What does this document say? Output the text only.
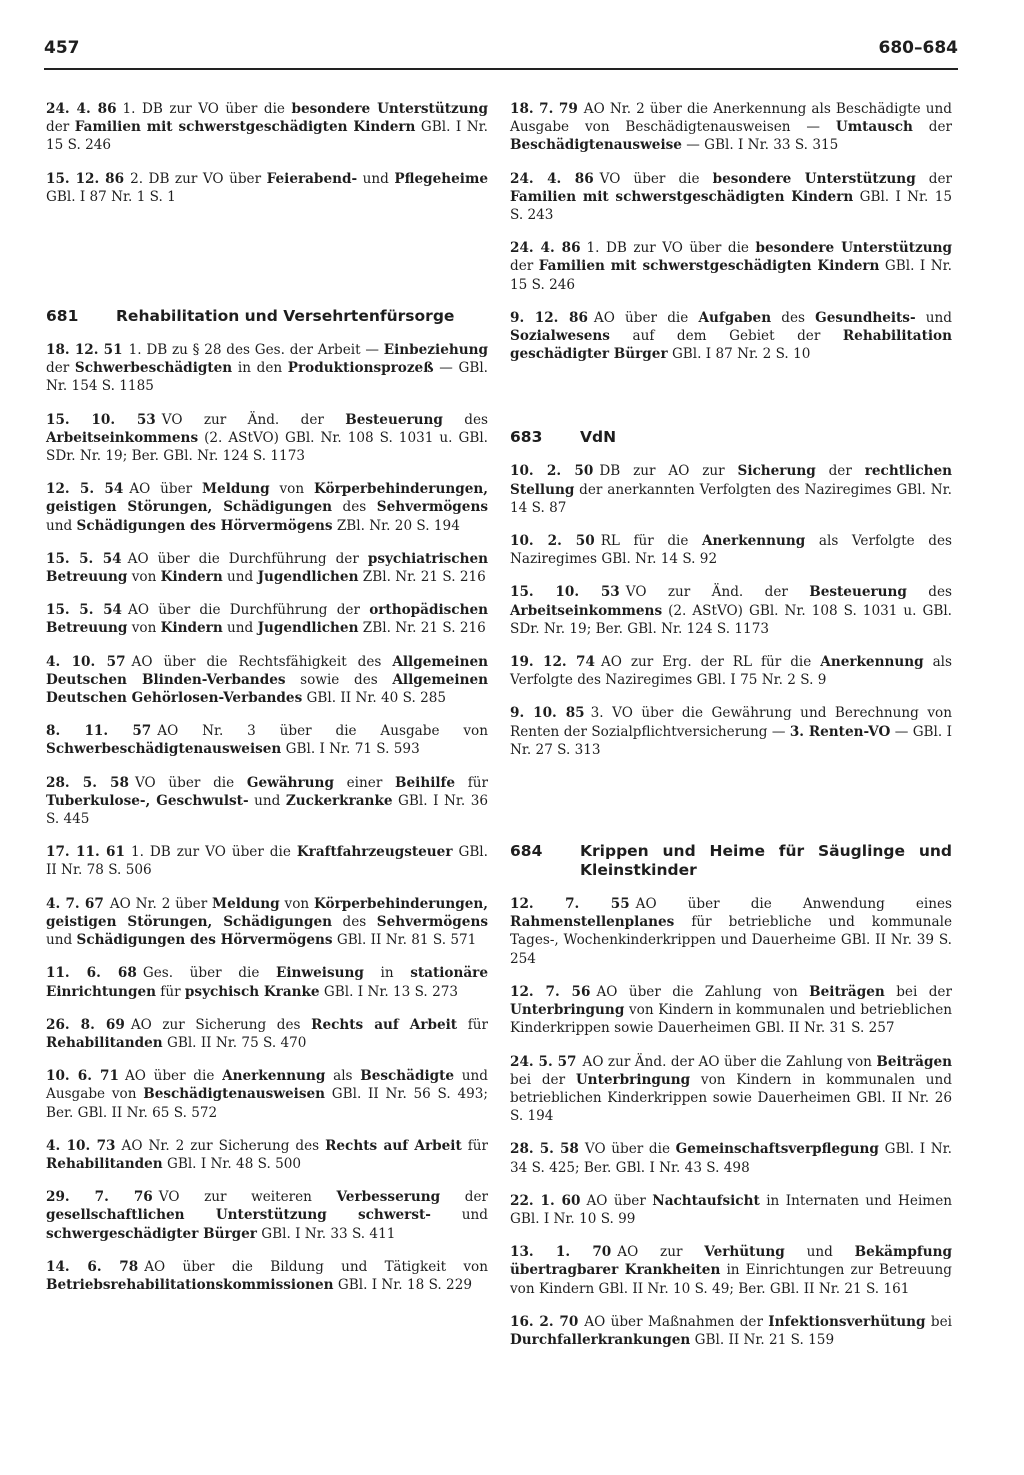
457	680–684
24. 4. 86 1. DB zur VO über die besondere Unterstützung der Familien mit schwerstgeschädigten Kindern GBl. I Nr. 15 S. 246
15. 12. 86 2. DB zur VO über Feierabend- und Pflegeheime GBl. I 87 Nr. 1 S. 1
681	Rehabilitation und Versehrtenfürsorge
18. 12. 51 1. DB zu § 28 des Ges. der Arbeit — Einbeziehung der Schwerbeschädigten in den Produktionsprozeß — GBl. Nr. 154 S. 1185
15. 10. 53 VO zur Änd. der Besteuerung des Arbeitseinkommens (2. AStVO) GBl. Nr. 108 S. 1031 u. GBl. SDr. Nr. 19; Ber. GBl. Nr. 124 S. 1173
12. 5. 54 AO über Meldung von Körperbehinderungen, geistigen Störungen, Schädigungen des Sehvermögens und Schädigungen des Hörvermögens ZBl. Nr. 20 S. 194
15. 5. 54 AO über die Durchführung der psychiatrischen Betreuung von Kindern und Jugendlichen ZBl. Nr. 21 S. 216
15. 5. 54 AO über die Durchführung der orthopädischen Betreuung von Kindern und Jugendlichen ZBl. Nr. 21 S. 216
4. 10. 57 AO über die Rechtsfähigkeit des Allgemeinen Deutschen Blinden-Verbandes sowie des Allgemeinen Deutschen Gehörlosen-Verbandes GBl. II Nr. 40 S. 285
8. 11. 57 AO Nr. 3 über die Ausgabe von Schwerbeschädigtenausweisen GBl. I Nr. 71 S. 593
28. 5. 58 VO über die Gewährung einer Beihilfe für Tuberkulose-, Geschwulst- und Zuckerkranke GBl. I Nr. 36 S. 445
17. 11. 61 1. DB zur VO über die Kraftfahrzeugsteuer GBl. II Nr. 78 S. 506
4. 7. 67 AO Nr. 2 über Meldung von Körperbehinderungen, geistigen Störungen, Schädigungen des Sehvermögens und Schädigungen des Hörvermögens GBl. II Nr. 81 S. 571
11. 6. 68 Ges. über die Einweisung in stationäre Einrichtungen für psychisch Kranke GBl. I Nr. 13 S. 273
26. 8. 69 AO zur Sicherung des Rechts auf Arbeit für Rehabilitanden GBl. II Nr. 75 S. 470
10. 6. 71 AO über die Anerkennung als Beschädigte und Ausgabe von Beschädigtenausweisen GBl. II Nr. 56 S. 493; Ber. GBl. II Nr. 65 S. 572
4. 10. 73 AO Nr. 2 zur Sicherung des Rechts auf Arbeit für Rehabilitanden GBl. I Nr. 48 S. 500
29. 7. 76 VO zur weiteren Verbesserung der gesellschaftlichen Unterstützung schwerst- und schwergeschädigter Bürger GBl. I Nr. 33 S. 411
14. 6. 78 AO über die Bildung und Tätigkeit von Betriebsrehabilitationskommissionen GBl. I Nr. 18 S. 229
18. 7. 79 AO Nr. 2 über die Anerkennung als Beschädigte und Ausgabe von Beschädigtenausweisen — Umtausch der Beschädigtenausweise — GBl. I Nr. 33 S. 315
24. 4. 86 VO über die besondere Unterstützung der Familien mit schwerstgeschädigten Kindern GBl. I Nr. 15 S. 243
24. 4. 86 1. DB zur VO über die besondere Unterstützung der Familien mit schwerstgeschädigten Kindern GBl. I Nr. 15 S. 246
9. 12. 86 AO über die Aufgaben des Gesundheits- und Sozialwesens auf dem Gebiet der Rehabilitation geschädigter Bürger GBl. I 87 Nr. 2 S. 10
683	VdN
10. 2. 50 DB zur AO zur Sicherung der rechtlichen Stellung der anerkannten Verfolgten des Naziregimes GBl. Nr. 14 S. 87
10. 2. 50 RL für die Anerkennung als Verfolgte des Naziregimes GBl. Nr. 14 S. 92
15. 10. 53 VO zur Änd. der Besteuerung des Arbeitseinkommens (2. AStVO) GBl. Nr. 108 S. 1031 u. GBl. SDr. Nr. 19; Ber. GBl. Nr. 124 S. 1173
19. 12. 74 AO zur Erg. der RL für die Anerkennung als Verfolgte des Naziregimes GBl. I 75 Nr. 2 S. 9
9. 10. 85 3. VO über die Gewährung und Berechnung von Renten der Sozialpflichtversicherung — 3. Renten-VO — GBl. I Nr. 27 S. 313
684	Krippen und Heime für Säuglinge und Kleinstkinder
12. 7. 55 AO über die Anwendung eines Rahmenstellenplanes für betriebliche und kommunale Tages-, Wochenkinderkrippen und Dauerheime GBl. II Nr. 39 S. 254
12. 7. 56 AO über die Zahlung von Beiträgen bei der Unterbringung von Kindern in kommunalen und betrieblichen Kinderkrippen sowie Dauerheimen GBl. II Nr. 31 S. 257
24. 5. 57 AO zur Änd. der AO über die Zahlung von Beiträgen bei der Unterbringung von Kindern in kommunalen und betrieblichen Kinderkrippen sowie Dauerheimen GBl. II Nr. 26 S. 194
28. 5. 58 VO über die Gemeinschaftsverpflegung GBl. I Nr. 34 S. 425; Ber. GBl. I Nr. 43 S. 498
22. 1. 60 AO über Nachtaufsicht in Internaten und Heimen GBl. I Nr. 10 S. 99
13. 1. 70 AO zur Verhütung und Bekämpfung übertragbarer Krankheiten in Einrichtungen zur Betreuung von Kindern GBl. II Nr. 10 S. 49; Ber. GBl. II Nr. 21 S. 161
16. 2. 70 AO über Maßnahmen der Infektionsverhütung bei Durchfallerkrankungen GBl. II Nr. 21 S. 159
